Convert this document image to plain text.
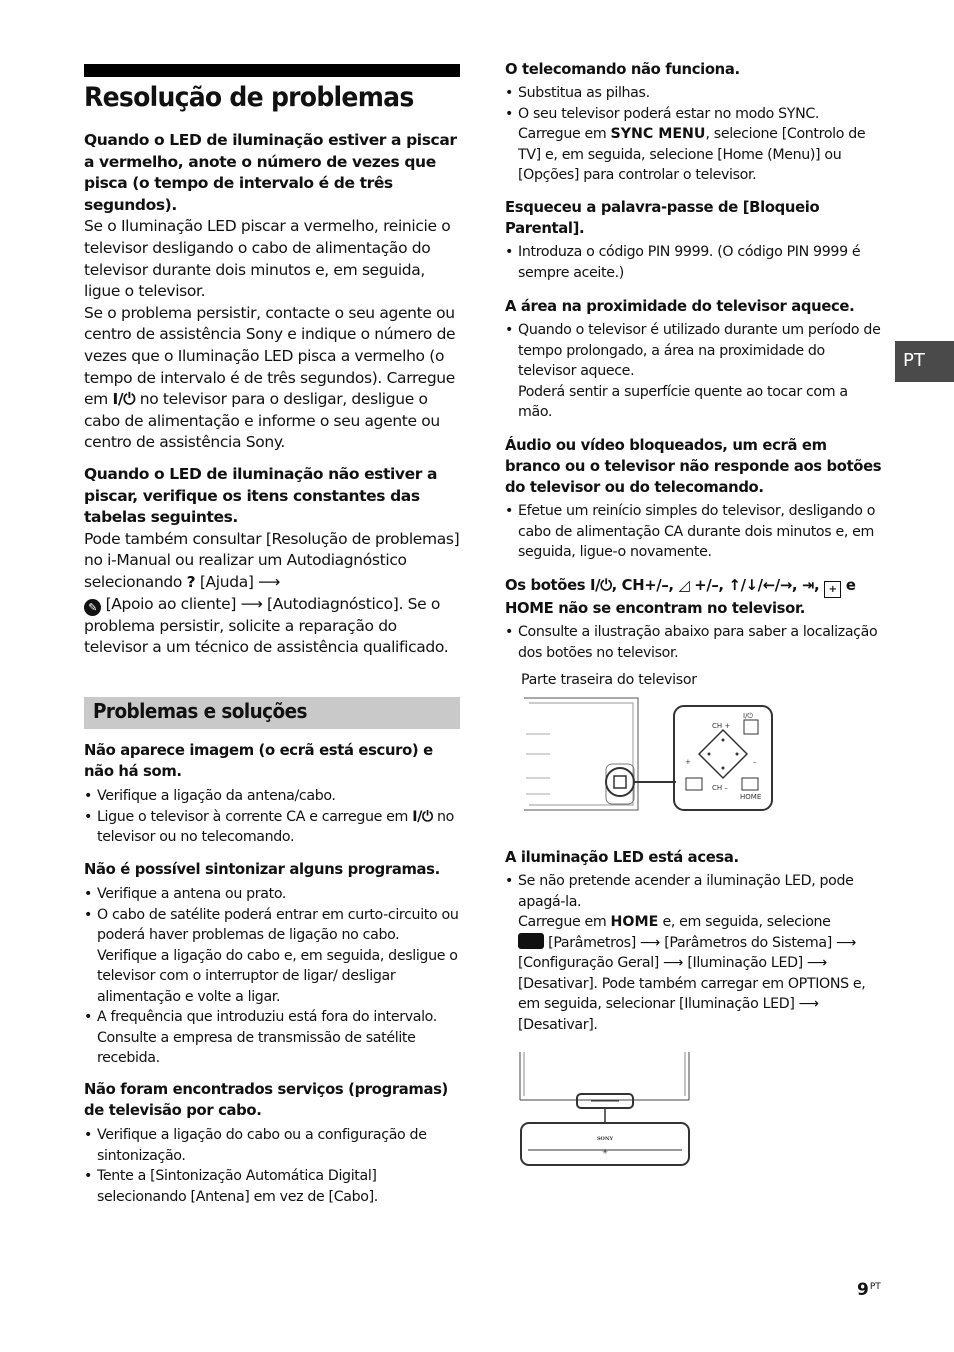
Resolução de problemas

Quando o LED de iluminação estiver a piscar a vermelho, anote o número de vezes que pisca (o tempo de intervalo é de três segundos).

Se o Iluminação LED piscar a vermelho, reinicie o televisor desligando o cabo de alimentação do televisor durante dois minutos e, em seguida, ligue o televisor.

Se o problema persistir, contacte o seu agente ou centro de assistência Sony e indique o número de vezes que o Iluminação LED pisca a vermelho (o tempo de intervalo é de três segundos). Carregue em I/⏻ no televisor para o desligar, desligue o cabo de alimentação e informe o seu agente ou centro de assistência Sony.

Quando o LED de iluminação não estiver a piscar, verifique os itens constantes das tabelas seguintes.

Pode também consultar [Resolução de problemas] no i-Manual ou realizar um Autodiagnóstico selecionando ? [Ajuda] ⟶
✎ [Apoio ao cliente] ⟶ [Autodiagnóstico]. Se o problema persistir, solicite a reparação do televisor a um técnico de assistência qualificado.

Problemas e soluções

Não aparece imagem (o ecrã está escuro) e não há som.

• Verifique a ligação da antena/cabo.
• Ligue o televisor à corrente CA e carregue em I/⏻ no televisor ou no telecomando.

Não é possível sintonizar alguns programas.

• Verifique a antena ou prato.
• O cabo de satélite poderá entrar em curto-circuito ou poderá haver problemas de ligação no cabo. Verifique a ligação do cabo e, em seguida, desligue o televisor com o interruptor de ligar/ desligar alimentação e volte a ligar.
• A frequência que introduziu está fora do intervalo. Consulte a empresa de transmissão de satélite recebida.

Não foram encontrados serviços (programas) de televisão por cabo.

• Verifique a ligação do cabo ou a configuração de sintonização.
• Tente a [Sintonização Automática Digital] selecionando [Antena] em vez de [Cabo].

O telecomando não funciona.

• Substitua as pilhas.
• O seu televisor poderá estar no modo SYNC. Carregue em SYNC MENU, selecione [Controlo de TV] e, em seguida, selecione [Home (Menu)] ou [Opções] para controlar o televisor.

Esqueceu a palavra-passe de [Bloqueio Parental].

• Introduza o código PIN 9999. (O código PIN 9999 é sempre aceite.)

A área na proximidade do televisor aquece.

• Quando o televisor é utilizado durante um período de tempo prolongado, a área na proximidade do televisor aquece.
Poderá sentir a superfície quente ao tocar com a mão.

Áudio ou vídeo bloqueados, um ecrã em branco ou o televisor não responde aos botões do televisor ou do telecomando.

• Efetue um reinício simples do televisor, desligando o cabo de alimentação CA durante dois minutos e, em seguida, ligue-o novamente.

Os botões I/⏻, CH+/–, ◿ +/–, ↑/↓/←/→, ⇥, + e HOME não se encontram no televisor.

• Consulte a ilustração abaixo para saber a localização dos botões no televisor.
Parte traseira do televisor
CH +
I/⏻
CH –
+	–
HOME

A iluminação LED está acesa.

• Se não pretende acender a iluminação LED, pode apagá-la.
Carregue em HOME e, em seguida, selecione
[Parâmetros] ⟶ [Parâmetros do Sistema] ⟶ [Configuração Geral] ⟶ [Iluminação LED] ⟶ [Desativar]. Pode também carregar em OPTIONS e, em seguida, selecionar [Iluminação LED] ⟶ [Desativar].
SONY
✳
PT
$9^{PT}$
